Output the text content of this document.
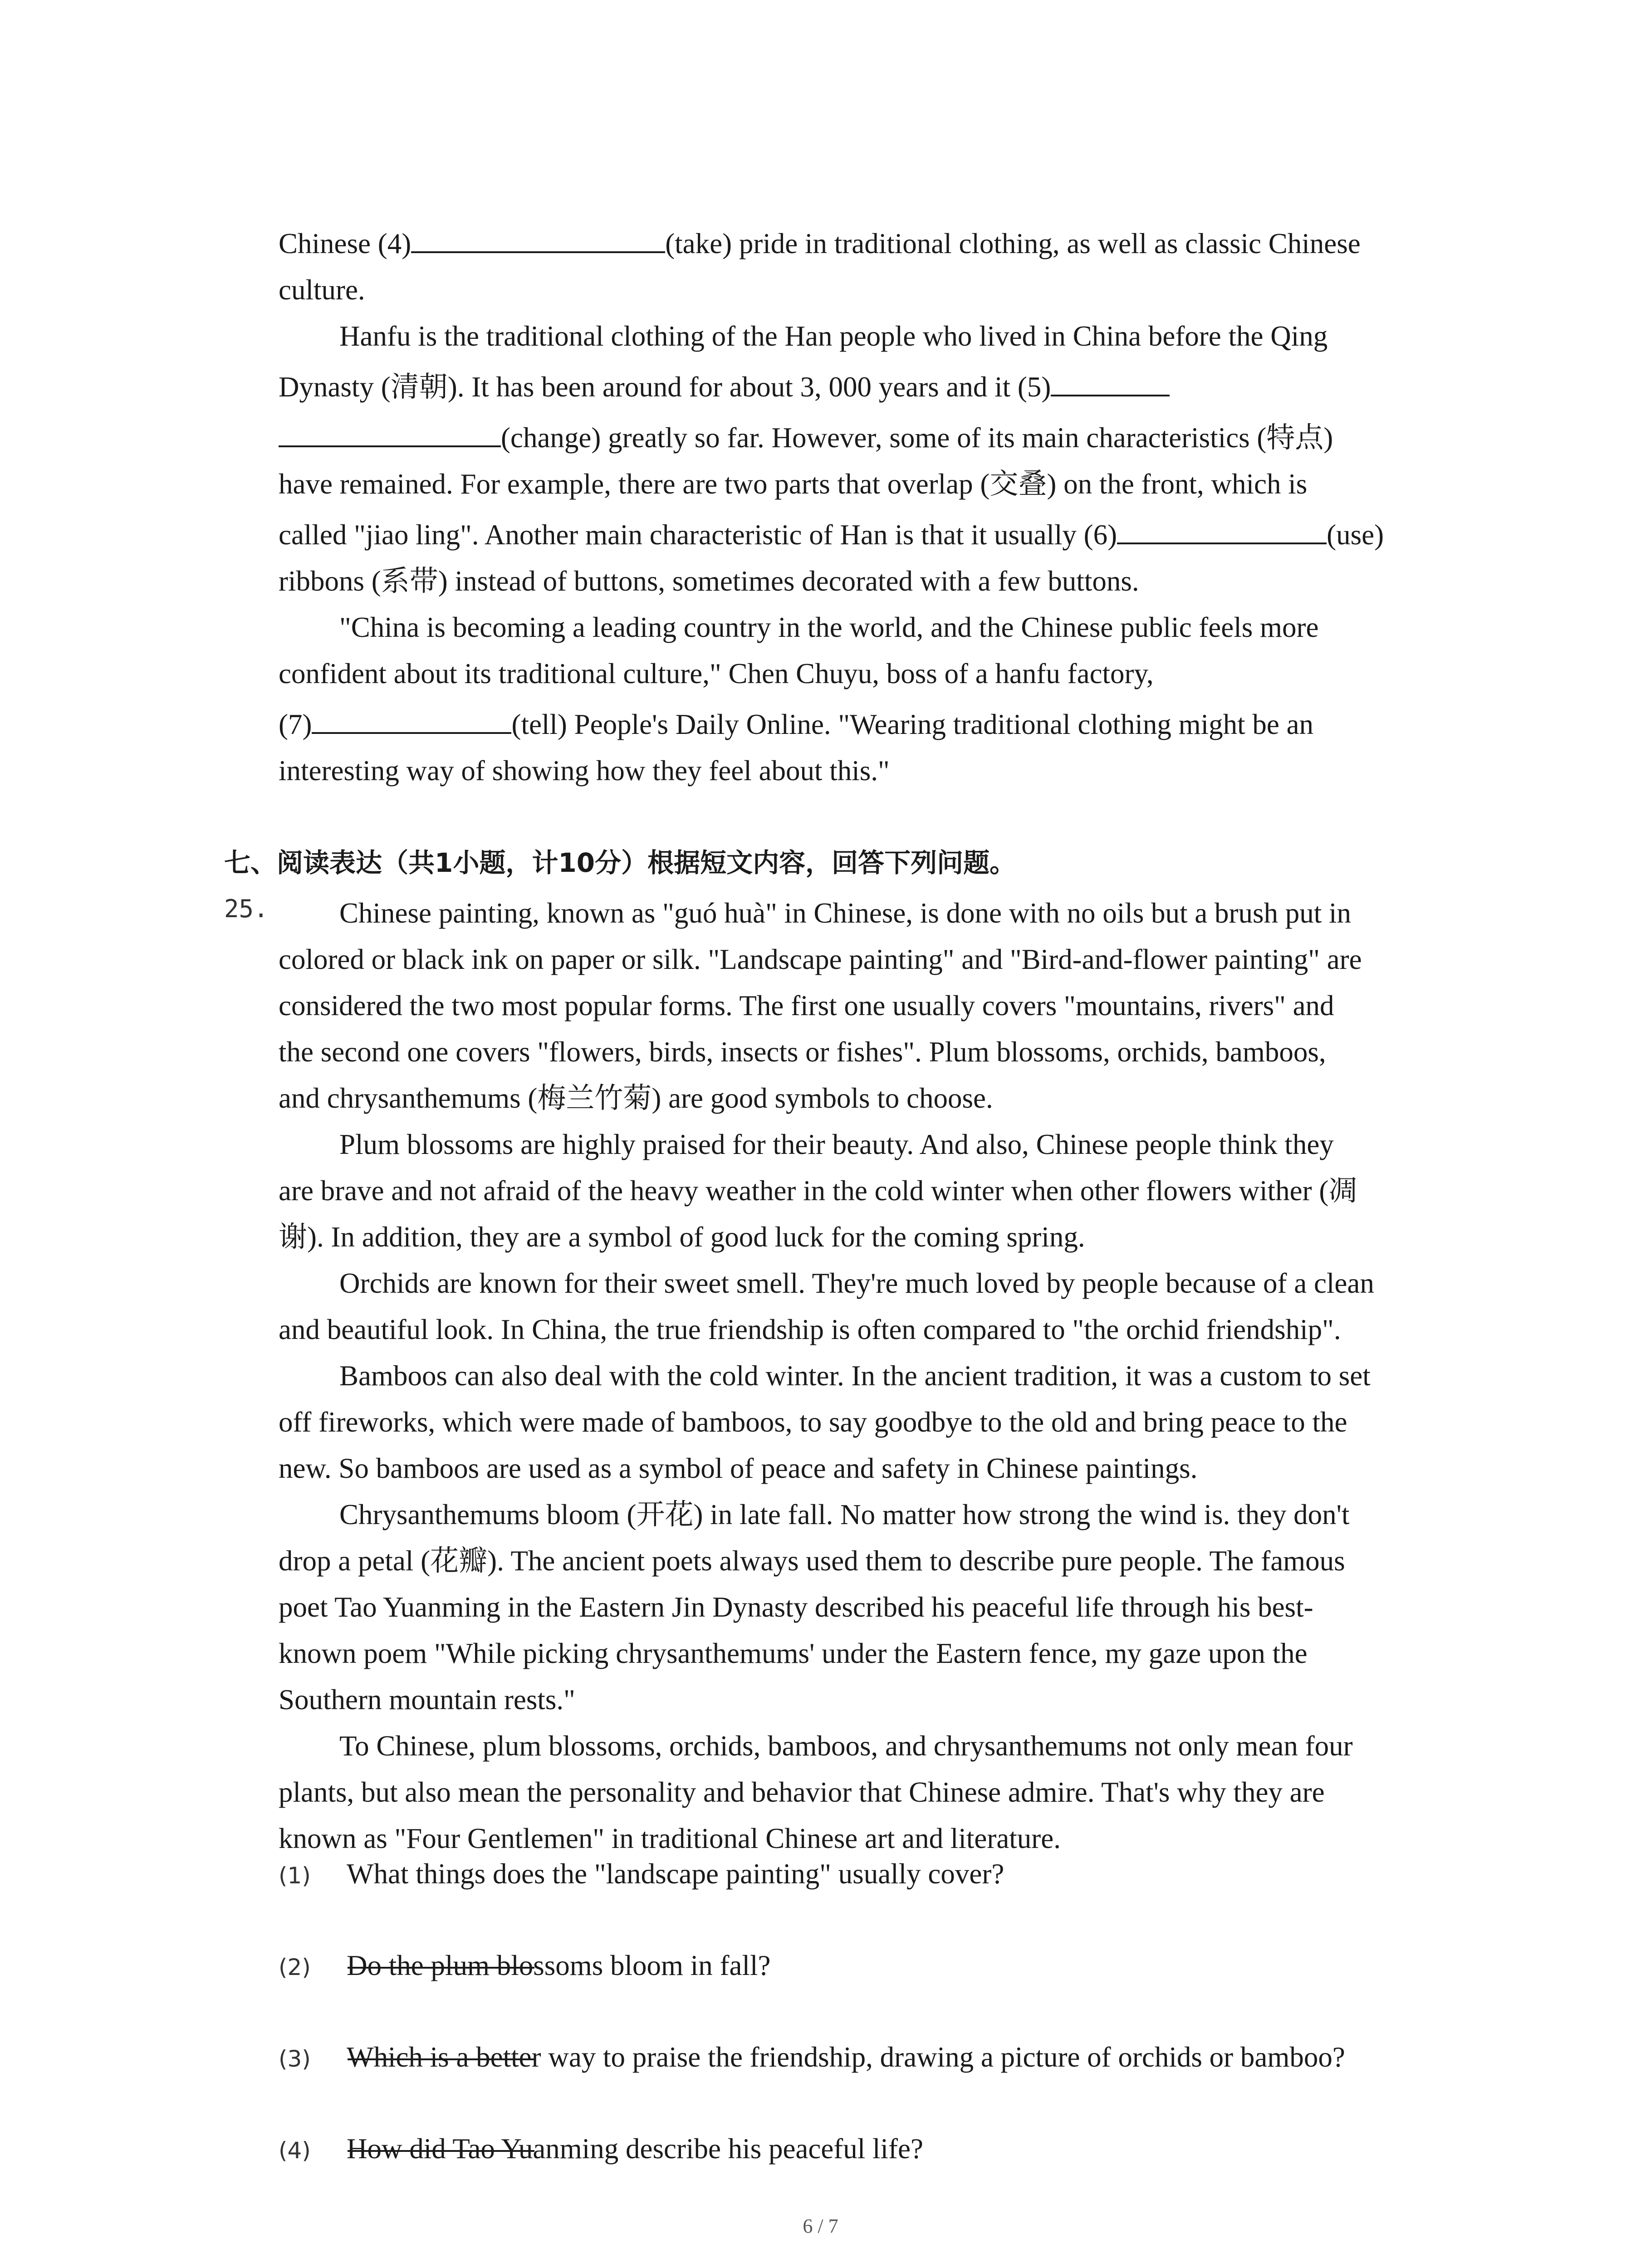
Chinese (4)	(take) pride in traditional clothing, as well as classic Chinese
culture.
Hanfu is the traditional clothing of the Han people who lived in China before the Qing
Dynasty (清朝). It has been around for about 3, 000 years and it (5)
(change) greatly so far. However, some of its main characteristics (特点)
have remained. For example, there are two parts that overlap (交叠) on the front, which is
called "jiao ling". Another main characteristic of Han is that it usually (6)	(use)
ribbons (系带) instead of buttons, sometimes decorated with a few buttons.
"China is becoming a leading country in the world, and the Chinese public feels more
confident about its traditional culture," Chen Chuyu, boss of a hanfu factory,
(7)	(tell) People's Daily Online. "Wearing traditional clothing might be an
interesting way of showing how they feel about this."
七、阅读表达（共1小题，计10分）根据短文内容，回答下列问题。
25.	Chinese painting, known as "guó huà" in Chinese, is done with no oils but a brush put in
colored or black ink on paper or silk. "Landscape painting" and "Bird-and-flower painting" are
considered the two most popular forms. The first one usually covers "mountains, rivers" and
the second one covers "flowers, birds, insects or fishes". Plum blossoms, orchids, bamboos,
and chrysanthemums (梅兰竹菊) are good symbols to choose.
Plum blossoms are highly praised for their beauty. And also, Chinese people think they
are brave and not afraid of the heavy weather in the cold winter when other flowers wither (凋
谢). In addition, they are a symbol of good luck for the coming spring.
Orchids are known for their sweet smell. They're much loved by people because of a clean
and beautiful look. In China, the true friendship is often compared to "the orchid friendship".
Bamboos can also deal with the cold winter. In the ancient tradition, it was a custom to set
off fireworks, which were made of bamboos, to say goodbye to the old and bring peace to the
new. So bamboos are used as a symbol of peace and safety in Chinese paintings.
Chrysanthemums bloom (开花) in late fall. No matter how strong the wind is. they don't
drop a petal (花瓣). The ancient poets always used them to describe pure people. The famous
poet Tao Yuanming in the Eastern Jin Dynasty described his peaceful life through his best-
known poem "While picking chrysanthemums' under the Eastern fence, my gaze upon the
Southern mountain rests."
To Chinese, plum blossoms, orchids, bamboos, and chrysanthemums not only mean four
plants, but also mean the personality and behavior that Chinese admire. That's why they are
known as "Four Gentlemen" in traditional Chinese art and literature.
(1) What things does the "landscape painting" usually cover?
(2) Do the plum blossoms bloom in fall?
(3) Which is a better way to praise the friendship, drawing a picture of orchids or bamboo?
(4) How did Tao Yuanming describe his peaceful life?
6 / 7
